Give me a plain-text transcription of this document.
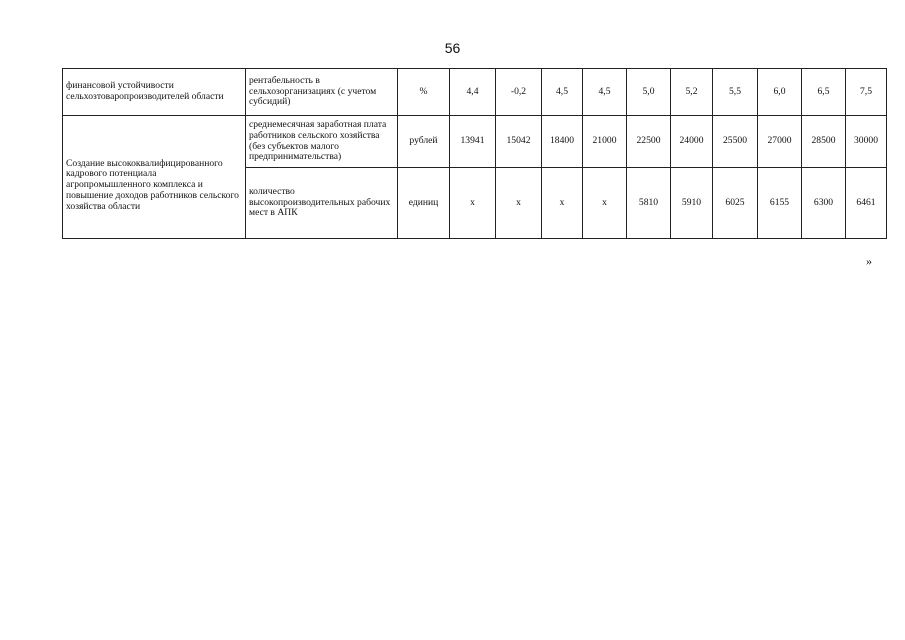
56
финансовой устойчивости сельхозтоваропроизводителей области	рентабельность в сельхозорганизациях (с учетом субсидий)	%	4,4	-0,2	4,5	4,5	5,0	5,2	5,5	6,0	6,5	7,5
Создание высококвалифицированного кадрового потенциала агропромышленного комплекса и повышение доходов работников сельского хозяйства области	среднемесячная заработная плата работников сельского хозяйства (без субъектов малого предпринимательства)	рублей	13941	15042	18400	21000	22500	24000	25500	27000	28500	30000
	количество высокопроизводительных рабочих мест в АПК	единиц	x	x	x	x	5810	5910	6025	6155	6300	6461
»
